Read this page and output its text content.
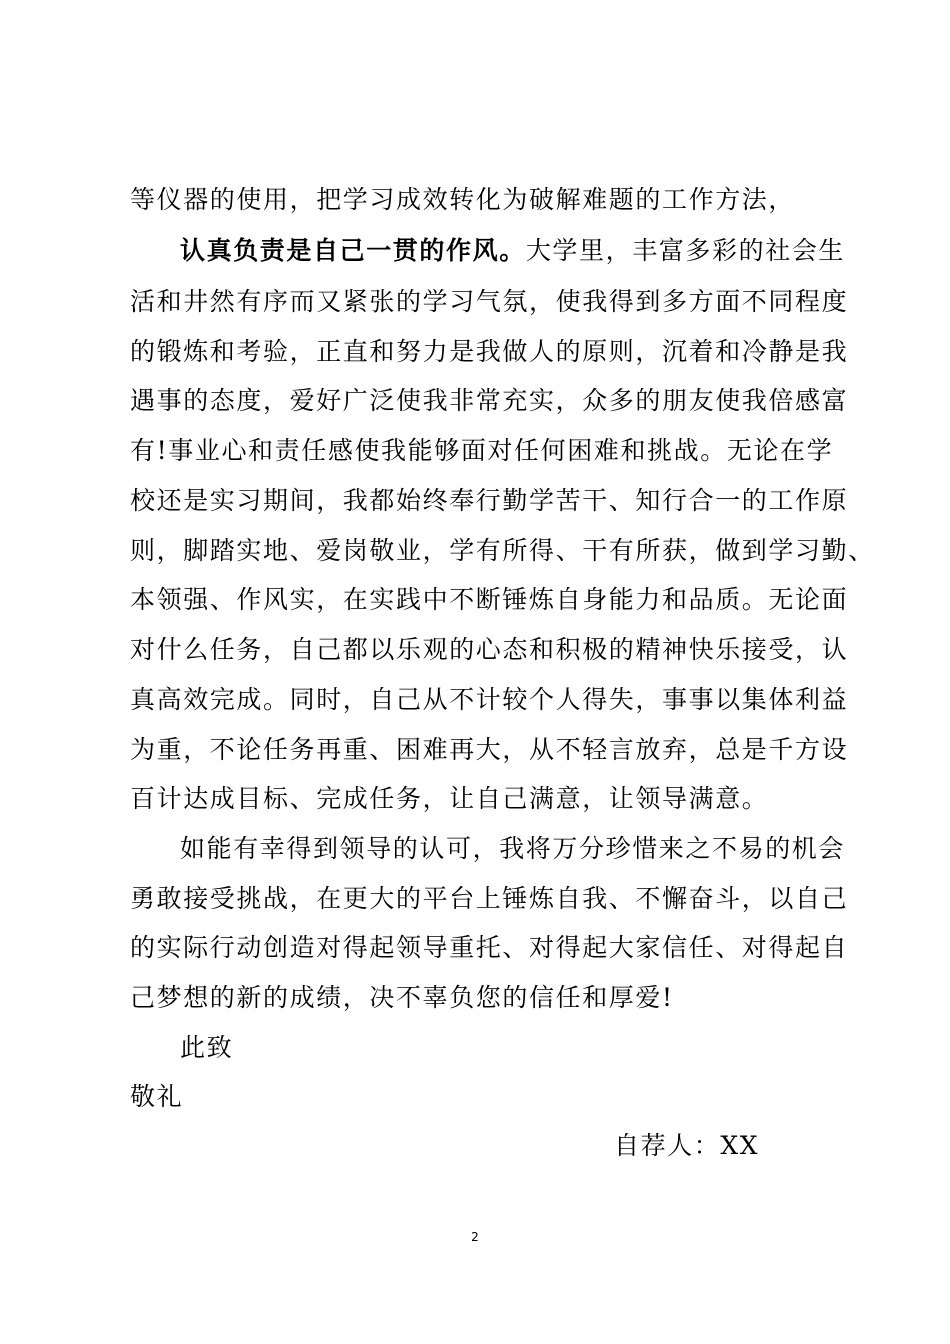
等仪器的使用，把学习成效转化为破解难题的工作方法，
认真负责是自己一贯的作风。大学里，丰富多彩的社会生
活和井然有序而又紧张的学习气氛，使我得到多方面不同程度
的锻炼和考验，正直和努力是我做人的原则，沉着和冷静是我
遇事的态度，爱好广泛使我非常充实，众多的朋友使我倍感富
有!事业心和责任感使我能够面对任何困难和挑战。无论在学
校还是实习期间，我都始终奉行勤学苦干、知行合一的工作原
则，脚踏实地、爱岗敬业，学有所得、干有所获，做到学习勤、
本领强、作风实，在实践中不断锤炼自身能力和品质。无论面
对什么任务，自己都以乐观的心态和积极的精神快乐接受，认
真高效完成。同时，自己从不计较个人得失，事事以集体利益
为重，不论任务再重、困难再大，从不轻言放弃，总是千方设
百计达成目标、完成任务，让自己满意，让领导满意。
如能有幸得到领导的认可，我将万分珍惜来之不易的机会
勇敢接受挑战，在更大的平台上锤炼自我、不懈奋斗，以自己
的实际行动创造对得起领导重托、对得起大家信任、对得起自
己梦想的新的成绩，决不辜负您的信任和厚爱!
此致
敬礼
自荐人：XX
2
